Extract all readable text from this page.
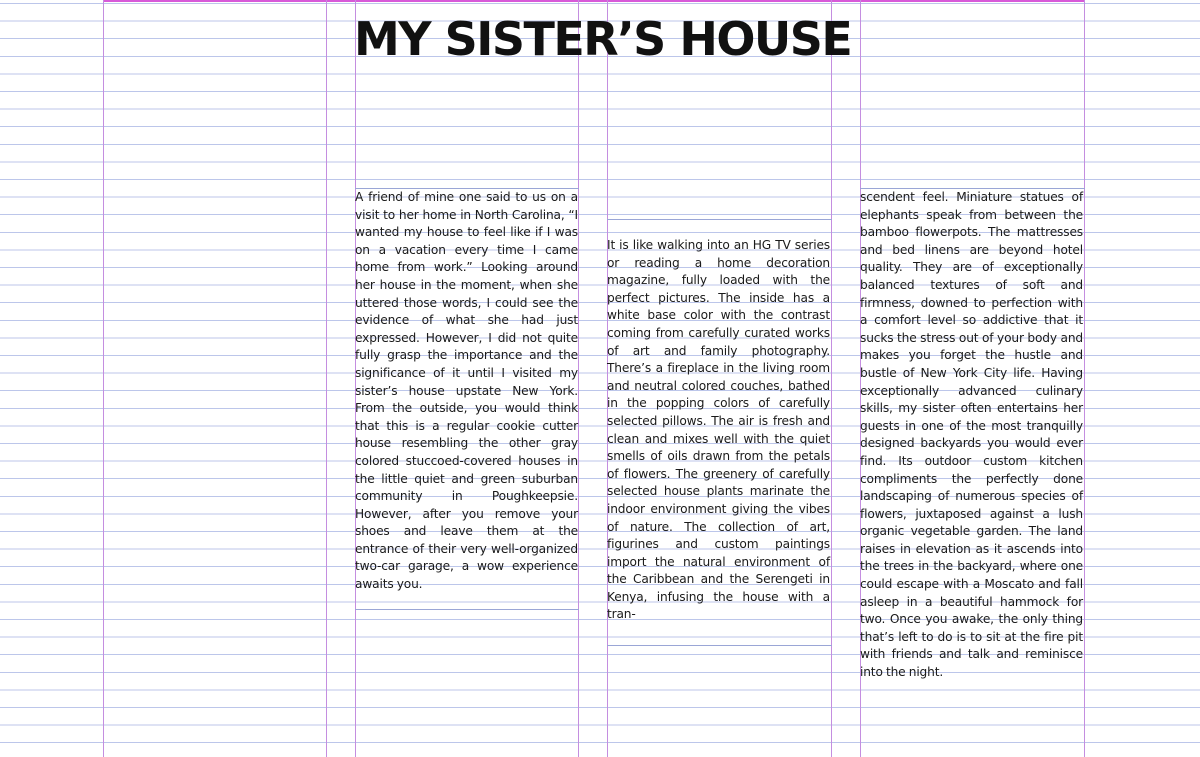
MY SISTER’S HOUSE

A friend of mine one said to us on a visit to her home in North Carolina, “I wanted my house to feel like if I was on a vacation every time I came home from work.” Looking around her house in the moment, when she uttered those words, I could see the evidence of what she had just expressed. However, I did not quite fully grasp the importance and the significance of it until I visited my sister’s house upstate New York. From the outside, you would think that this is a regular cookie cutter house resembling the other gray colored stuccoed-covered houses in the little quiet and green suburban community in Poughkeepsie. However, after you remove your shoes and leave them at the entrance of their very well-organized two-car garage, a wow experience awaits you.

It is like walking into an HG TV series or reading a home decoration magazine, fully loaded with the perfect pictures. The inside has a white base color with the contrast coming from carefully curated works of art and family photography. There’s a fireplace in the living room and neutral colored couches, bathed in the popping colors of carefully selected pillows. The air is fresh and clean and mixes well with the quiet smells of oils drawn from the petals of flowers. The greenery of carefully selected house plants marinate the indoor environment giving the vibes of nature. The collection of art, figurines and custom paintings import the natural environment of the Caribbean and the Serengeti in Kenya, infusing the house with a tran-

scendent feel. Miniature statues of elephants speak from between the bamboo flowerpots. The mattresses and bed linens are beyond hotel quality. They are of exceptionally balanced textures of soft and firmness, downed to perfection with a comfort level so addictive that it sucks the stress out of your body and makes you forget the hustle and bustle of New York City life. Having exceptionally advanced culinary skills, my sister often entertains her guests in one of the most tranquilly designed backyards you would ever find. Its outdoor custom kitchen compliments the perfectly done landscaping of numerous species of flowers, juxtaposed against a lush organic vegetable garden. The land raises in elevation as it ascends into the trees in the backyard, where one could escape with a Moscato and fall asleep in a beautiful hammock for two. Once you awake, the only thing that’s left to do is to sit at the fire pit with friends and talk and reminisce into the night.
